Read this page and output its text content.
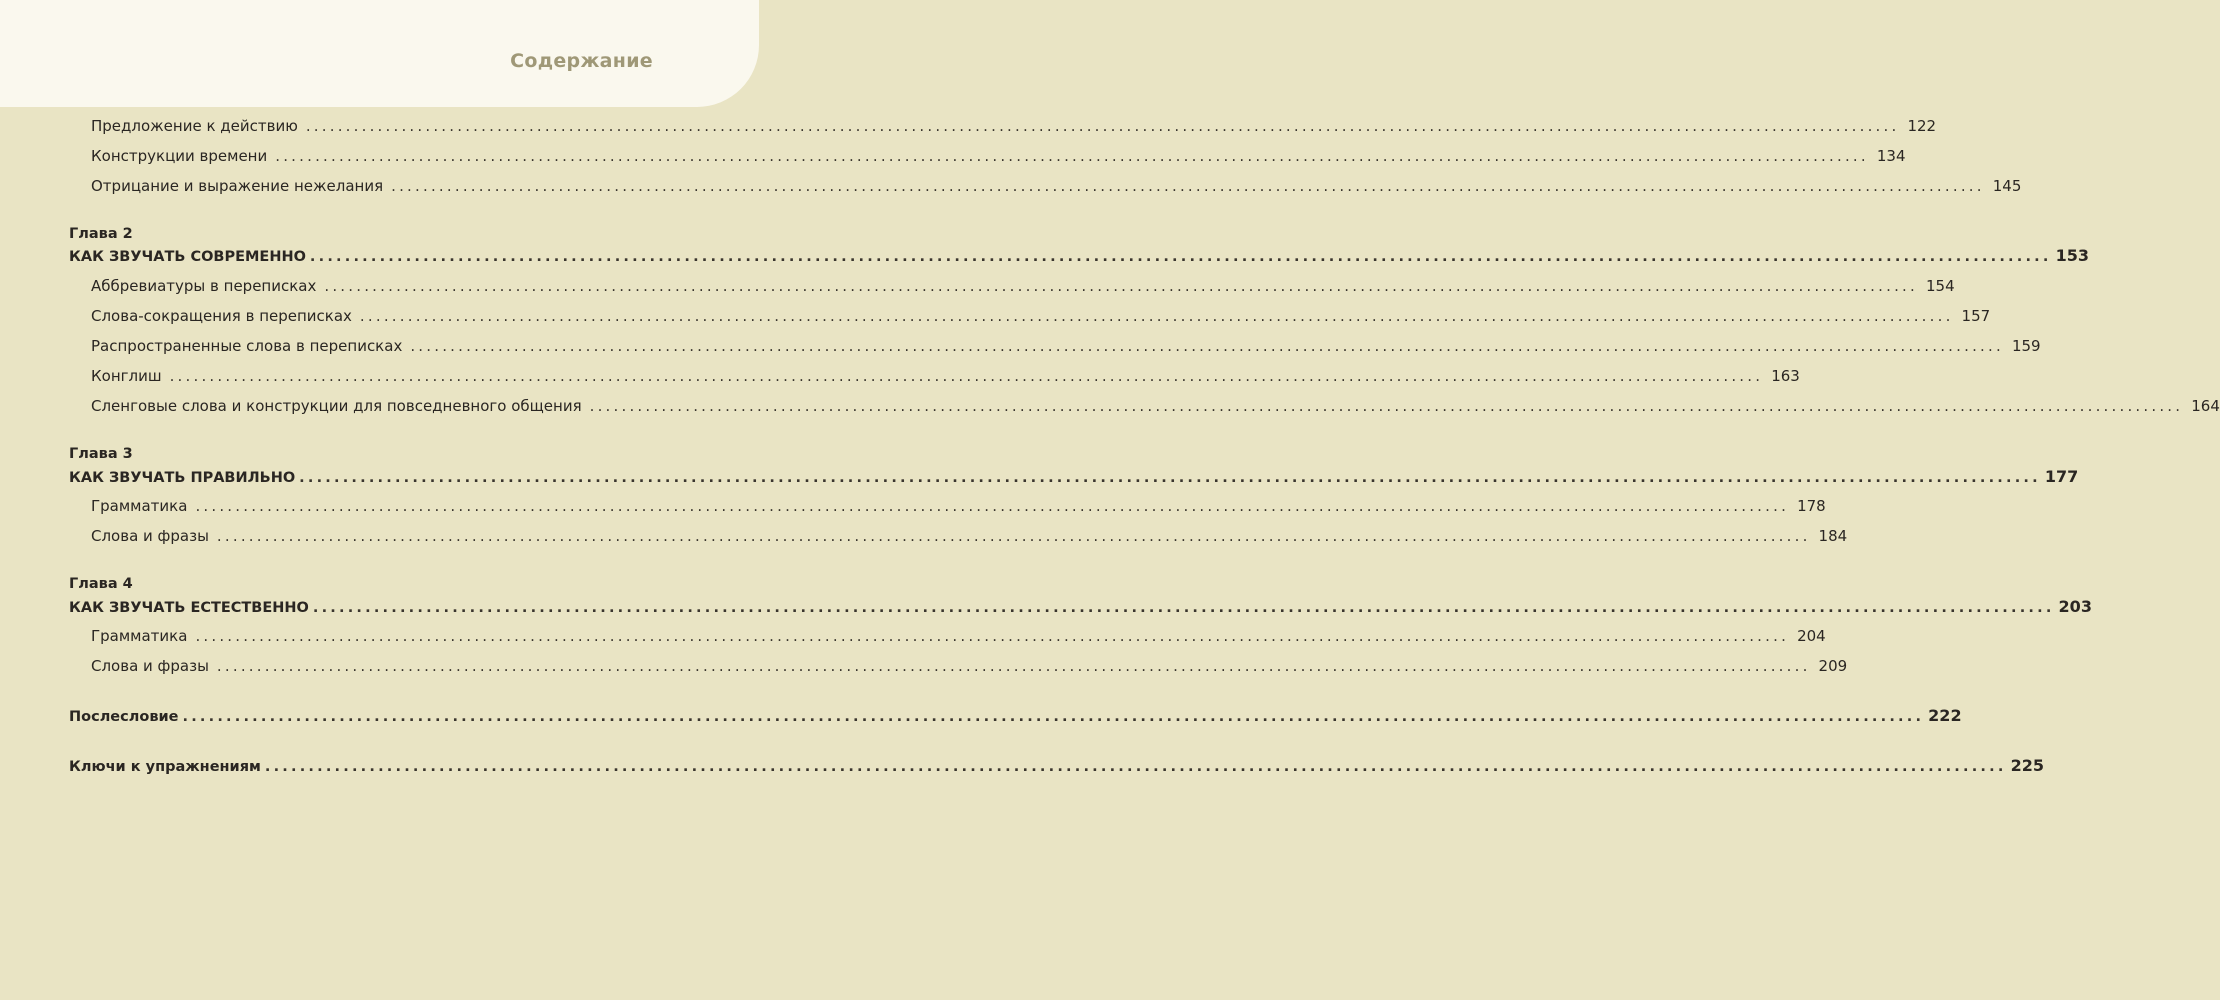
Содержание
Предложение к действию ........................................................................................................................................................................................................ 122
Конструкции времени ........................................................................................................................................................................................................ 134
Отрицание и выражение нежелания ........................................................................................................................................................................................................ 145
Глава 2
КАК ЗВУЧАТЬ СОВРЕМЕННО ........................................................................................................................................................................................................ 153
Аббревиатуры в переписках ........................................................................................................................................................................................................ 154
Слова-сокращения в переписках ........................................................................................................................................................................................................ 157
Распространенные слова в переписках ........................................................................................................................................................................................................ 159
Конглиш ........................................................................................................................................................................................................ 163
Сленговые слова и конструкции для повседневного общения ........................................................................................................................................................................................................ 164
Глава 3
КАК ЗВУЧАТЬ ПРАВИЛЬНО ........................................................................................................................................................................................................ 177
Грамматика ........................................................................................................................................................................................................ 178
Слова и фразы ........................................................................................................................................................................................................ 184
Глава 4
КАК ЗВУЧАТЬ ЕСТЕСТВЕННО ........................................................................................................................................................................................................ 203
Грамматика ........................................................................................................................................................................................................ 204
Слова и фразы ........................................................................................................................................................................................................ 209
Послесловие ........................................................................................................................................................................................................ 222
Ключи к упражнениям ........................................................................................................................................................................................................ 225
